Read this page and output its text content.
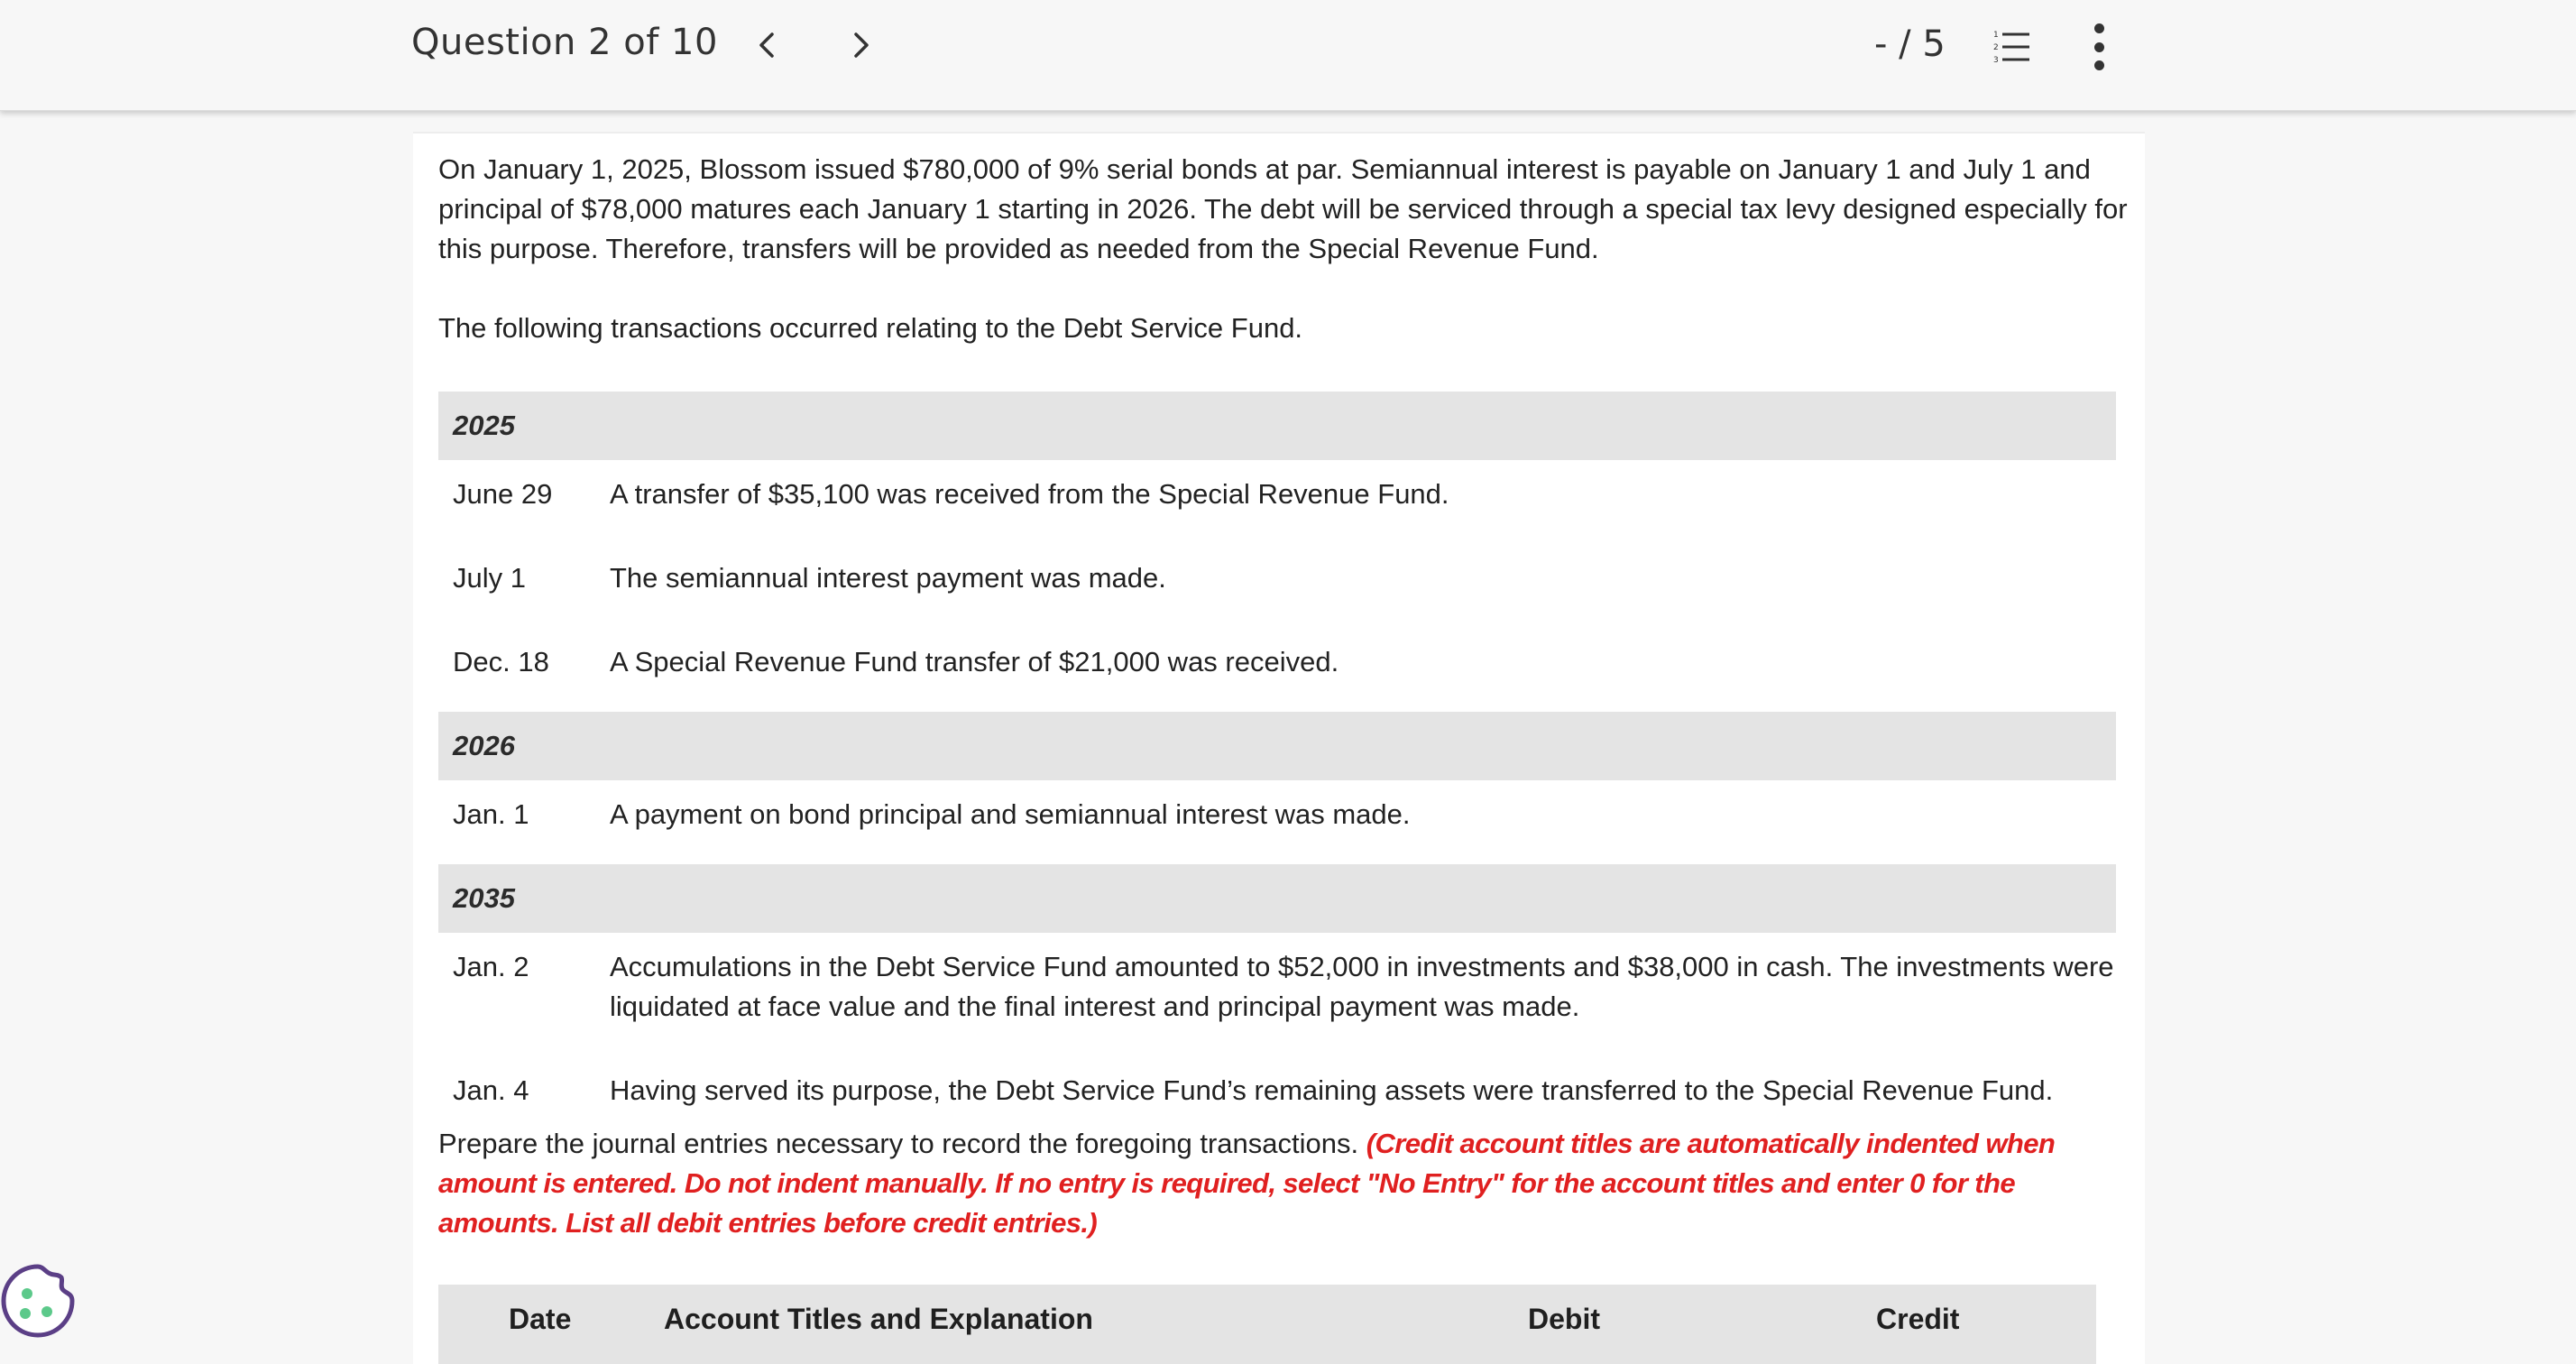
Question 2 of 10	- / 5	1
2
3

On January 1, 2025, Blossom issued $780,000 of 9% serial bonds at par. Semiannual interest is payable on January 1 and July 1 and principal of $78,000 matures each January 1 starting in 2026. The debt will be serviced through a special tax levy designed especially for this purpose. Therefore, transfers will be provided as needed from the Special Revenue Fund.

The following transactions occurred relating to the Debt Service Fund.

2025	
June 29	A transfer of $35,100 was received from the Special Revenue Fund.
July 1	The semiannual interest payment was made.
Dec. 18	A Special Revenue Fund transfer of $21,000 was received.
2026	
Jan. 1	A payment on bond principal and semiannual interest was made.
2035	
Jan. 2	Accumulations in the Debt Service Fund amounted to $52,000 in investments and $38,000 in cash. The investments were liquidated at face value and the final interest and principal payment was made.
Jan. 4	Having served its purpose, the Debt Service Fund’s remaining assets were transferred to the Special Revenue Fund.

Prepare the journal entries necessary to record the foregoing transactions. (Credit account titles are automatically indented when amount is entered. Do not indent manually. If no entry is required, select "No Entry" for the account titles and enter 0 for the amounts. List all debit entries before credit entries.)

Date	Account Titles and Explanation	Debit	Credit
